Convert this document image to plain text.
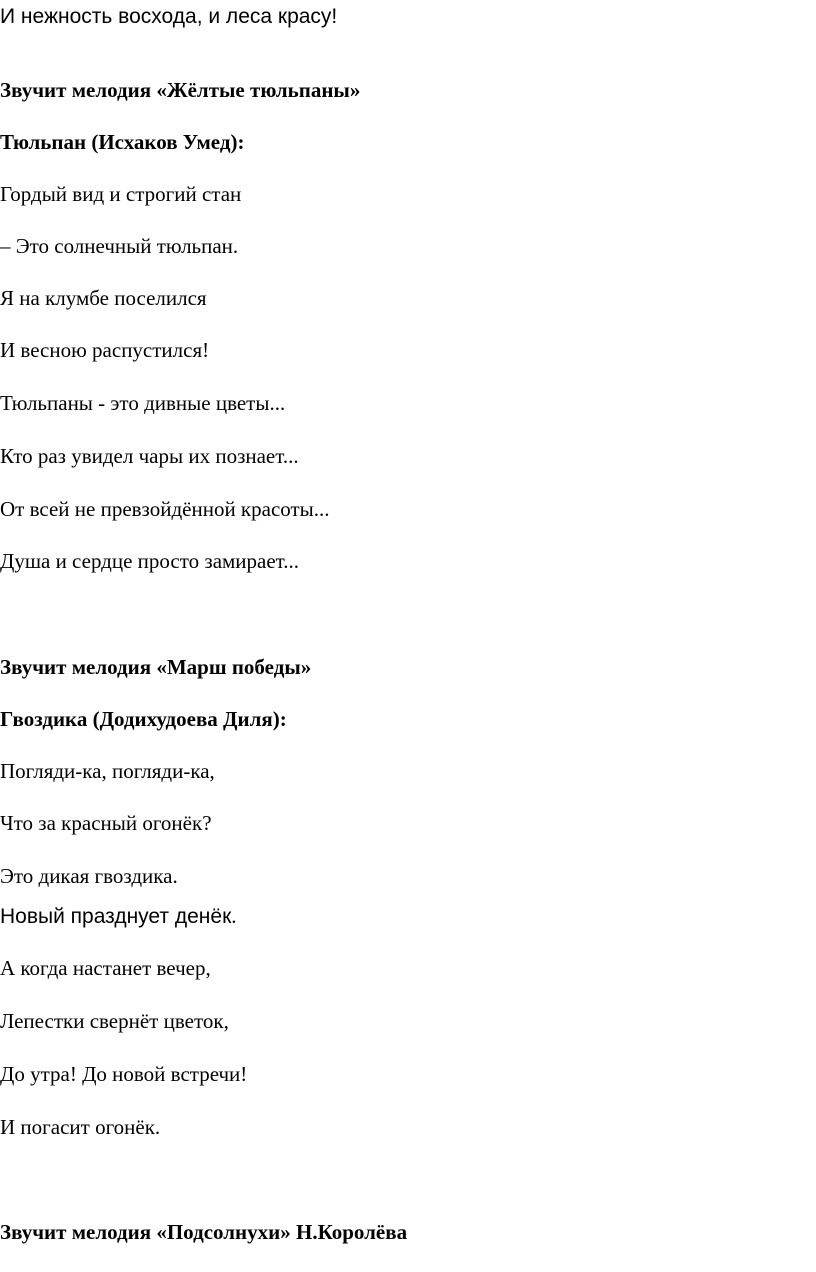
И нежность восхода, и леса красу!
Звучит мелодия «Жёлтые тюльпаны»
Тюльпан (Исхаков Умед):
Гордый вид и строгий стан
– Это солнечный тюльпан.
Я на клумбе поселился
И весною распустился!
Тюльпаны - это дивные цветы...
Кто раз увидел чары их познает...
От всей не превзойдённой красоты...
Душа и сердце просто замирает...
Звучит мелодия «Марш победы»
Гвоздика (Додихудоева Диля):
Погляди-ка, погляди-ка,
Что за красный огонёк?
Это дикая гвоздика.
Новый празднует денёк.
А когда настанет вечер,
Лепестки свернёт цветок,
До утра! До новой встречи!
И погасит огонёк.
Звучит мелодия «Подсолнухи» Н.Королёва
